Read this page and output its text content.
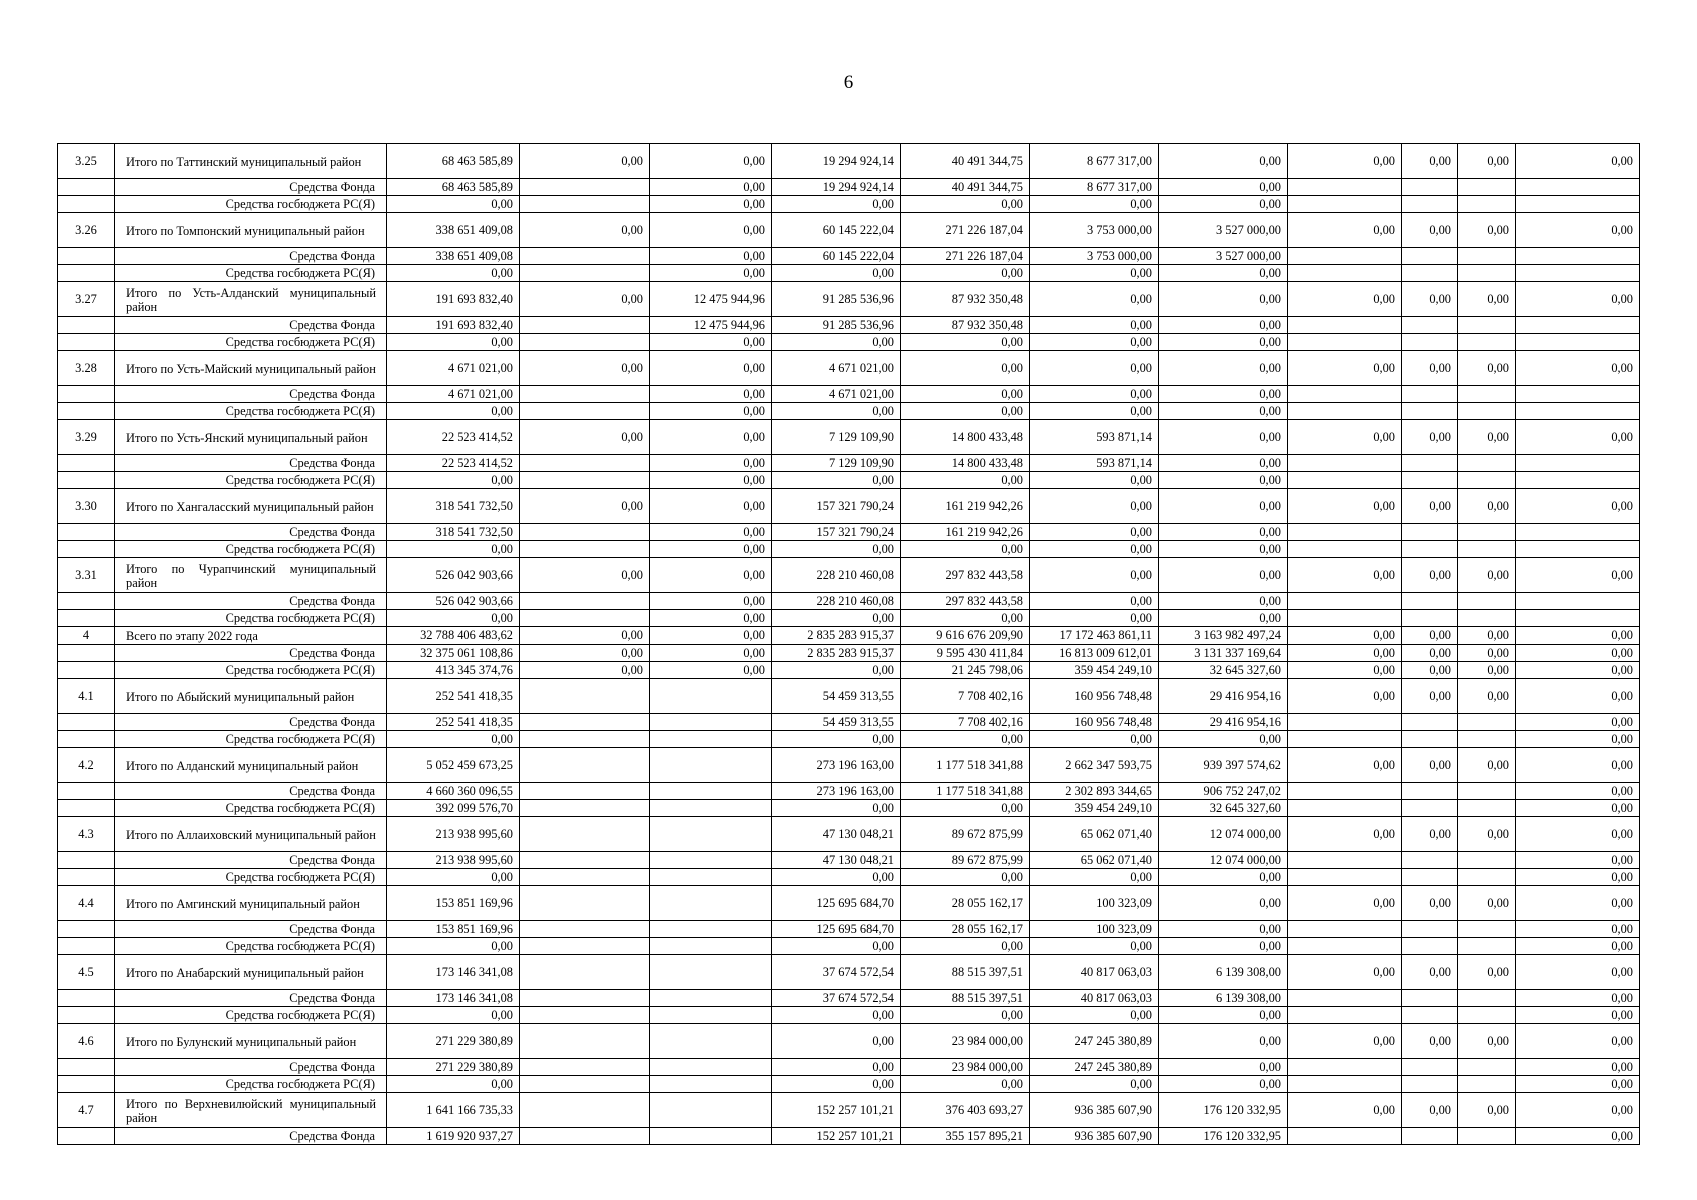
6
3.25	Итого по Таттинский муниципальный район	68 463 585,89	0,00	0,00	19 294 924,14	40 491 344,75	8 677 317,00	0,00	0,00	0,00	0,00	0,00
	Средства Фонда	68 463 585,89		0,00	19 294 924,14	40 491 344,75	8 677 317,00	0,00				
	Средства госбюджета РС(Я)	0,00		0,00	0,00	0,00	0,00	0,00				
3.26	Итого по Томпонский муниципальный район	338 651 409,08	0,00	0,00	60 145 222,04	271 226 187,04	3 753 000,00	3 527 000,00	0,00	0,00	0,00	0,00
	Средства Фонда	338 651 409,08		0,00	60 145 222,04	271 226 187,04	3 753 000,00	3 527 000,00				
	Средства госбюджета РС(Я)	0,00		0,00	0,00	0,00	0,00	0,00				
3.27	Итого по Усть-Алданский муниципальный район	191 693 832,40	0,00	12 475 944,96	91 285 536,96	87 932 350,48	0,00	0,00	0,00	0,00	0,00	0,00
	Средства Фонда	191 693 832,40		12 475 944,96	91 285 536,96	87 932 350,48	0,00	0,00				
	Средства госбюджета РС(Я)	0,00		0,00	0,00	0,00	0,00	0,00				
3.28	Итого по Усть-Майский муниципальный район	4 671 021,00	0,00	0,00	4 671 021,00	0,00	0,00	0,00	0,00	0,00	0,00	0,00
	Средства Фонда	4 671 021,00		0,00	4 671 021,00	0,00	0,00	0,00				
	Средства госбюджета РС(Я)	0,00		0,00	0,00	0,00	0,00	0,00				
3.29	Итого по Усть-Янский муниципальный район	22 523 414,52	0,00	0,00	7 129 109,90	14 800 433,48	593 871,14	0,00	0,00	0,00	0,00	0,00
	Средства Фонда	22 523 414,52		0,00	7 129 109,90	14 800 433,48	593 871,14	0,00				
	Средства госбюджета РС(Я)	0,00		0,00	0,00	0,00	0,00	0,00				
3.30	Итого по Хангаласский муниципальный район	318 541 732,50	0,00	0,00	157 321 790,24	161 219 942,26	0,00	0,00	0,00	0,00	0,00	0,00
	Средства Фонда	318 541 732,50		0,00	157 321 790,24	161 219 942,26	0,00	0,00				
	Средства госбюджета РС(Я)	0,00		0,00	0,00	0,00	0,00	0,00				
3.31	Итого по Чурапчинский муниципальный район	526 042 903,66	0,00	0,00	228 210 460,08	297 832 443,58	0,00	0,00	0,00	0,00	0,00	0,00
	Средства Фонда	526 042 903,66		0,00	228 210 460,08	297 832 443,58	0,00	0,00				
	Средства госбюджета РС(Я)	0,00		0,00	0,00	0,00	0,00	0,00				
4	Всего по этапу 2022 года	32 788 406 483,62	0,00	0,00	2 835 283 915,37	9 616 676 209,90	17 172 463 861,11	3 163 982 497,24	0,00	0,00	0,00	0,00
	Средства Фонда	32 375 061 108,86	0,00	0,00	2 835 283 915,37	9 595 430 411,84	16 813 009 612,01	3 131 337 169,64	0,00	0,00	0,00	0,00
	Средства госбюджета РС(Я)	413 345 374,76	0,00	0,00	0,00	21 245 798,06	359 454 249,10	32 645 327,60	0,00	0,00	0,00	0,00
4.1	Итого по Абыйский муниципальный район	252 541 418,35			54 459 313,55	7 708 402,16	160 956 748,48	29 416 954,16	0,00	0,00	0,00	0,00
	Средства Фонда	252 541 418,35			54 459 313,55	7 708 402,16	160 956 748,48	29 416 954,16				0,00
	Средства госбюджета РС(Я)	0,00			0,00	0,00	0,00	0,00				0,00
4.2	Итого по Алданский муниципальный район	5 052 459 673,25			273 196 163,00	1 177 518 341,88	2 662 347 593,75	939 397 574,62	0,00	0,00	0,00	0,00
	Средства Фонда	4 660 360 096,55			273 196 163,00	1 177 518 341,88	2 302 893 344,65	906 752 247,02				0,00
	Средства госбюджета РС(Я)	392 099 576,70			0,00	0,00	359 454 249,10	32 645 327,60				0,00
4.3	Итого по Аллаиховский муниципальный район	213 938 995,60			47 130 048,21	89 672 875,99	65 062 071,40	12 074 000,00	0,00	0,00	0,00	0,00
	Средства Фонда	213 938 995,60			47 130 048,21	89 672 875,99	65 062 071,40	12 074 000,00				0,00
	Средства госбюджета РС(Я)	0,00			0,00	0,00	0,00	0,00				0,00
4.4	Итого по Амгинский муниципальный район	153 851 169,96			125 695 684,70	28 055 162,17	100 323,09	0,00	0,00	0,00	0,00	0,00
	Средства Фонда	153 851 169,96			125 695 684,70	28 055 162,17	100 323,09	0,00				0,00
	Средства госбюджета РС(Я)	0,00			0,00	0,00	0,00	0,00				0,00
4.5	Итого по Анабарский муниципальный район	173 146 341,08			37 674 572,54	88 515 397,51	40 817 063,03	6 139 308,00	0,00	0,00	0,00	0,00
	Средства Фонда	173 146 341,08			37 674 572,54	88 515 397,51	40 817 063,03	6 139 308,00				0,00
	Средства госбюджета РС(Я)	0,00			0,00	0,00	0,00	0,00				0,00
4.6	Итого по Булунский муниципальный район	271 229 380,89			0,00	23 984 000,00	247 245 380,89	0,00	0,00	0,00	0,00	0,00
	Средства Фонда	271 229 380,89			0,00	23 984 000,00	247 245 380,89	0,00				0,00
	Средства госбюджета РС(Я)	0,00			0,00	0,00	0,00	0,00				0,00
4.7	Итого по Верхневилюйский муниципальный район	1 641 166 735,33			152 257 101,21	376 403 693,27	936 385 607,90	176 120 332,95	0,00	0,00	0,00	0,00
	Средства Фонда	1 619 920 937,27			152 257 101,21	355 157 895,21	936 385 607,90	176 120 332,95				0,00
